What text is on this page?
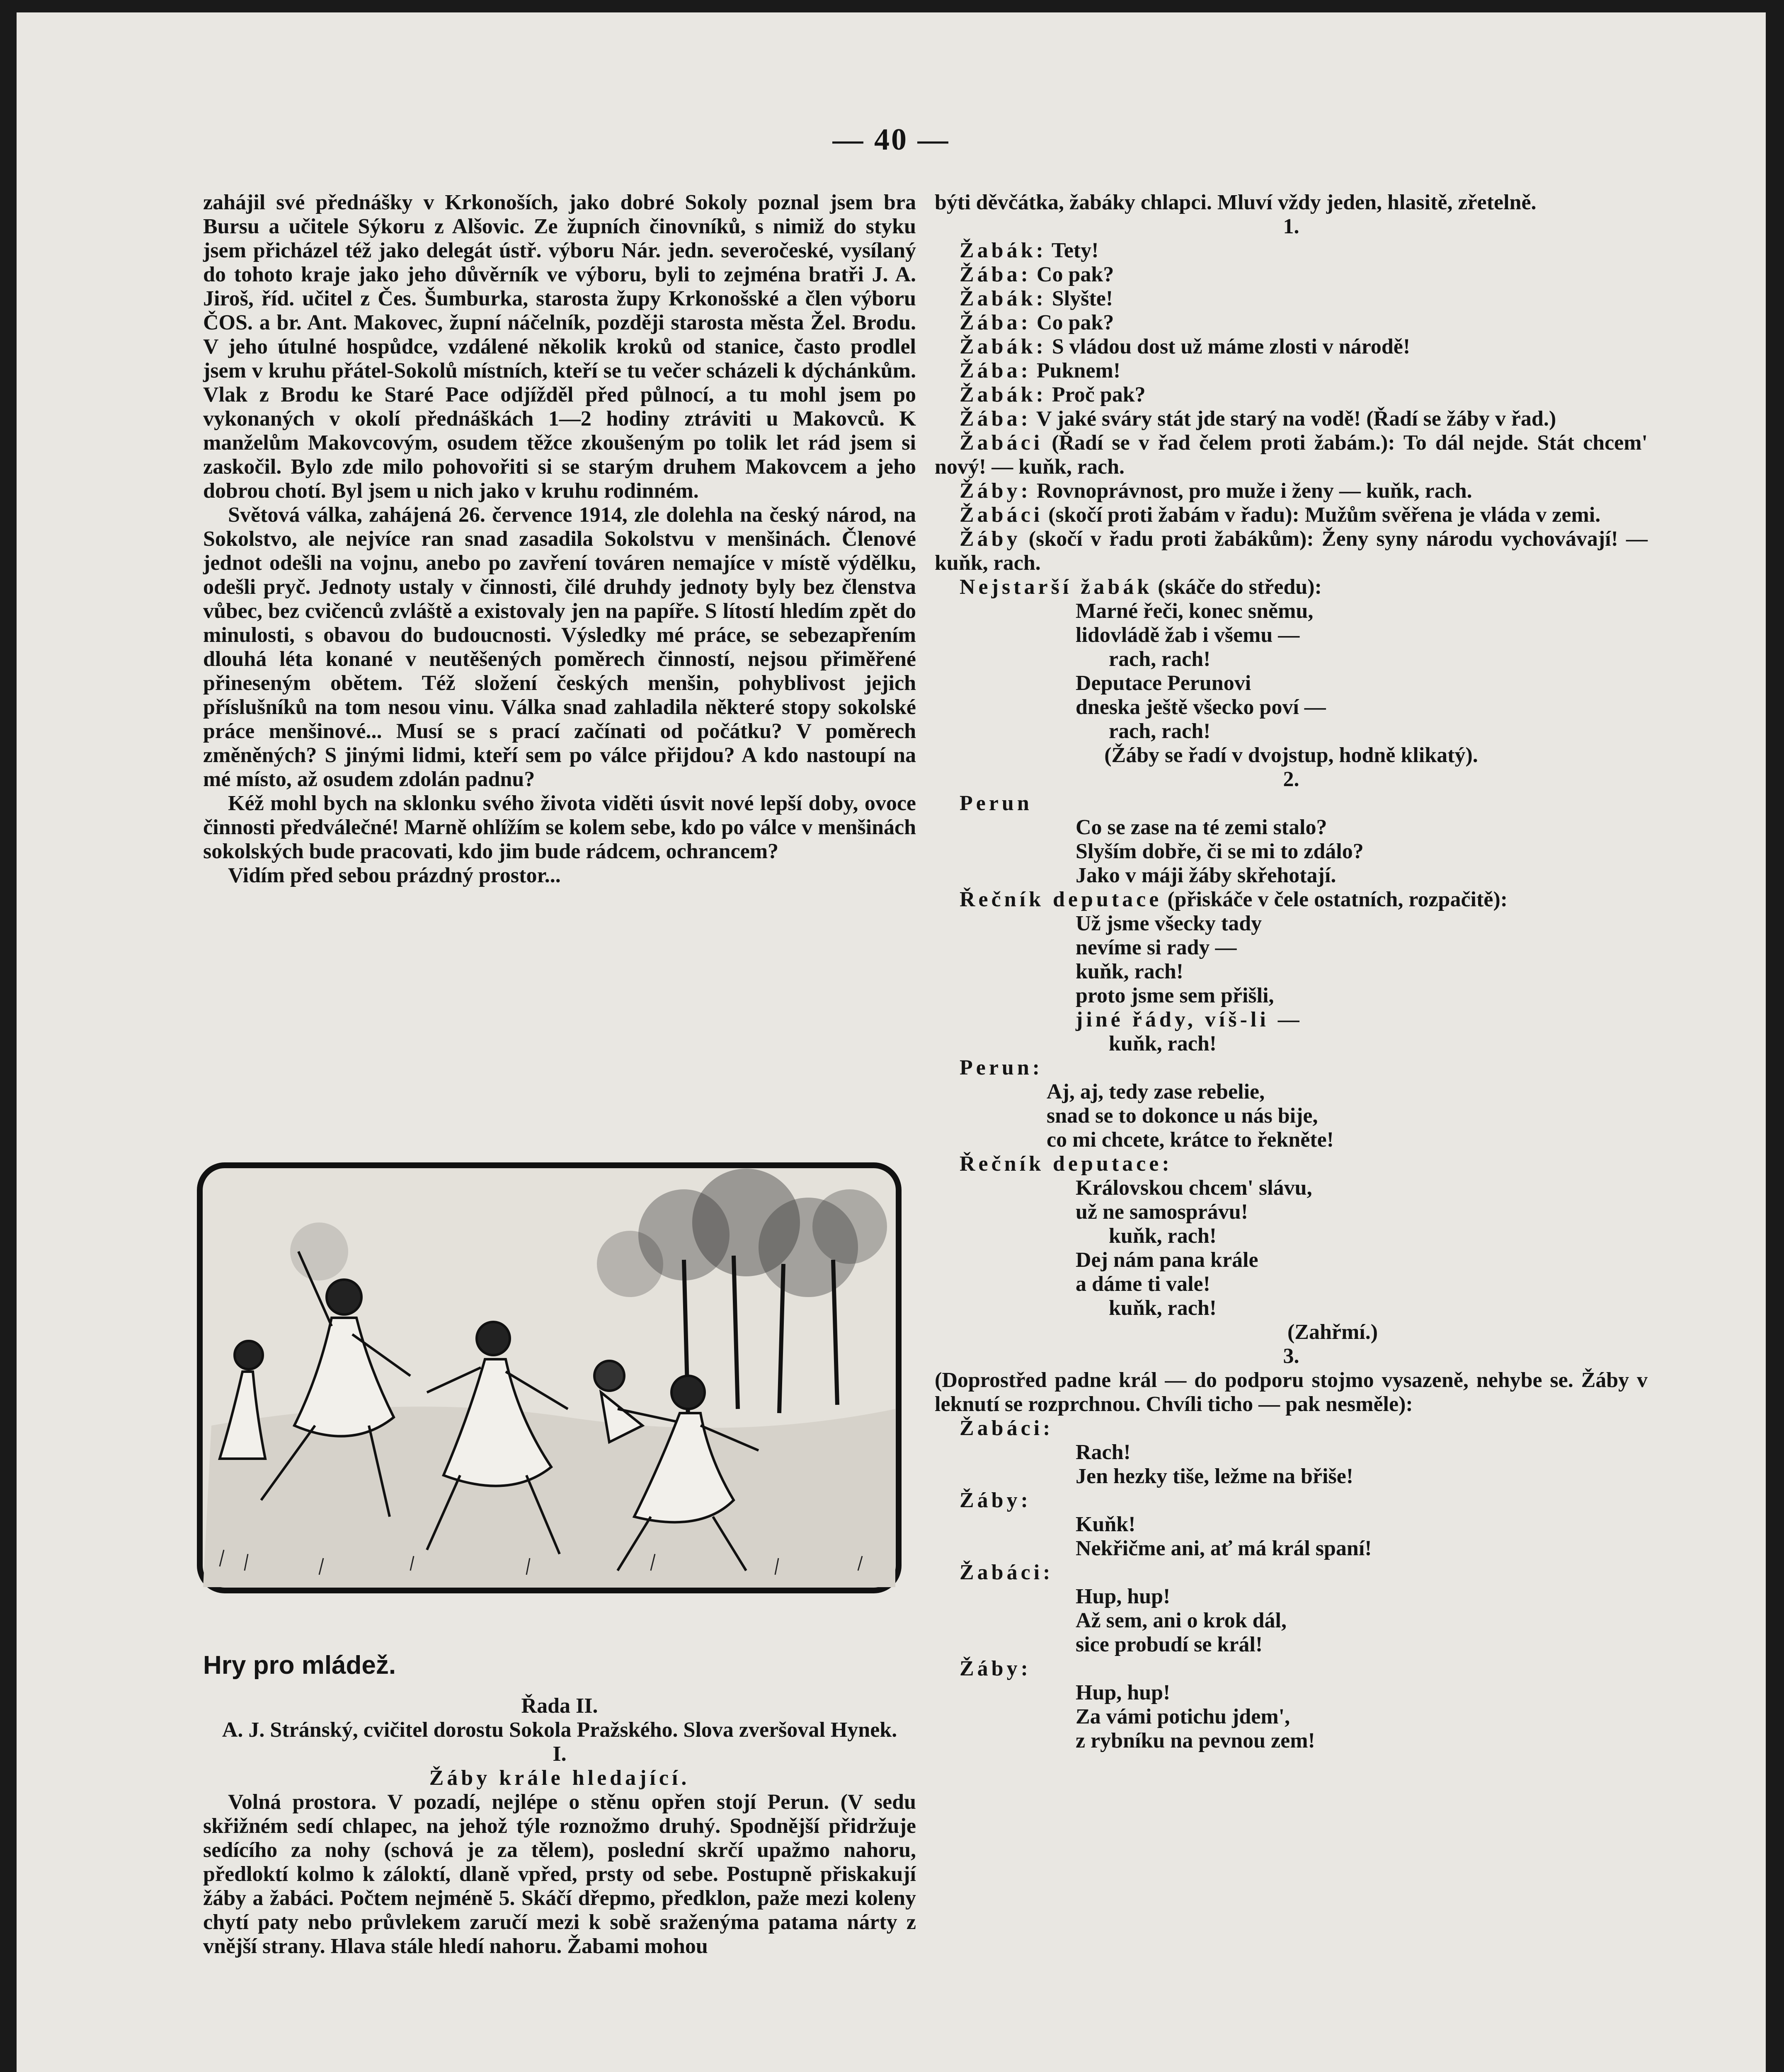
— 40 —

zahájil své přednášky v Krkonoších, jako dobré Sokoly poznal jsem bra Bursu a učitele Sýkoru z Alšovic. Ze župních činovníků, s nimiž do styku jsem přicházel též jako delegát ústř. výboru Nár. jedn. severočeské, vysílaný do tohoto kraje jako jeho důvěrník ve výboru, byli to zejména bratři J. A. Jiroš, říd. učitel z Čes. Šumburka, starosta župy Krkonošské a člen výboru ČOS. a br. Ant. Makovec, župní náčelník, později starosta města Žel. Brodu. V jeho útulné hospůdce, vzdálené několik kroků od stanice, často prodlel jsem v kruhu přátel-Sokolů místních, kteří se tu večer scházeli k dýchánkům. Vlak z Brodu ke Staré Pace odjížděl před půlnocí, a tu mohl jsem po vykonaných v okolí přednáškách 1—2 hodiny ztráviti u Makovců. K manželům Makovcovým, osudem těžce zkoušeným po tolik let rád jsem si zaskočil. Bylo zde milo pohovořiti si se starým druhem Makovcem a jeho dobrou chotí. Byl jsem u nich jako v kruhu rodinném.

Světová válka, zahájená 26. července 1914, zle dolehla na český národ, na Sokolstvo, ale nejvíce ran snad zasadila Sokolstvu v menšinách. Členové jednot odešli na vojnu, anebo po zavření továren nemajíce v místě výdělku, odešli pryč. Jednoty ustaly v činnosti, čilé druhdy jednoty byly bez členstva vůbec, bez cvičenců zvláště a existovaly jen na papíře. S lítostí hledím zpět do minulosti, s obavou do budoucnosti. Výsledky mé práce, se sebezapřením dlouhá léta konané v neutěšených poměrech činností, nejsou přiměřené přineseným obětem. Též složení českých menšin, pohyblivost jejich příslušníků na tom nesou vinu. Válka snad zahladila některé stopy sokolské práce menšinové... Musí se s prací začínati od počátku? V poměrech změněných? S jinými lidmi, kteří sem po válce přijdou? A kdo nastoupí na mé místo, až osudem zdolán padnu?

Kéž mohl bych na sklonku svého života viděti úsvit nové lepší doby, ovoce činnosti předválečné! Marně ohlížím se kolem sebe, kdo po válce v menšinách sokolských bude pracovati, kdo jim bude rádcem, ochrancem?

Vidím před sebou prázdný prostor...

Hry pro mládež.

Řada II.

A. J. Stránský, cvičitel dorostu Sokola Pražského. Slova zveršoval Hynek.

I.

Žáby krále hledající.

Volná prostora. V pozadí, nejlépe o stěnu opřen stojí Perun. (V sedu skřižném sedí chlapec, na jehož týle roznožmo druhý. Spodnější přidržuje sedícího za nohy (schová je za tělem), poslední skrčí upažmo nahoru, předloktí kolmo k záloktí, dlaně vpřed, prsty od sebe. Postupně přiskakují žáby a žabáci. Počtem nejméně 5. Skáčí dřepmo, předklon, paže mezi koleny chytí paty nebo průvlekem zaručí mezi k sobě sraženýma patama nárty z vnější strany. Hlava stále hledí nahoru. Žabami mohou

býti děvčátka, žabáky chlapci. Mluví vždy jeden, hlasitě, zřetelně.

1.

Žabák: Tety!

Žába: Co pak?

Žabák: Slyšte!

Žába: Co pak?

Žabák: S vládou dost už máme zlosti v národě!

Žába: Puknem!

Žabák: Proč pak?

Žába: V jaké sváry stát jde starý na vodě! (Řadí se žáby v řad.)

Žabáci (Řadí se v řad čelem proti žabám.): To dál nejde. Stát chcem' nový! — kuňk, rach.

Žáby: Rovnoprávnost, pro muže i ženy — kuňk, rach.

Žabáci (skočí proti žabám v řadu): Mužům svěřena je vláda v zemi.

Žáby (skočí v řadu proti žabákům): Ženy syny národu vychovávají! — kuňk, rach.

Nejstarší žabák (skáče do středu):

Marné řeči, konec sněmu,
lidovládě žab i všemu —
rach, rach!
Deputace Perunovi
dneska ještě všecko poví —
rach, rach!

(Žáby se řadí v dvojstup, hodně klikatý).

2.

Perun

Co se zase na té zemi stalo?
Slyším dobře, či se mi to zdálo?
Jako v máji žáby skřehotají.

Řečník deputace (přiskáče v čele ostatních, rozpačitě):

Už jsme všecky tady
nevíme si rady —
kuňk, rach!
proto jsme sem přišli,
jiné řády, víš-li —
kuňk, rach!

Perun:

Aj, aj, tedy zase rebelie,
snad se to dokonce u nás bije,
co mi chcete, krátce to řekněte!

Řečník deputace:

Královskou chcem' slávu,
už ne samosprávu!
kuňk, rach!
Dej nám pana krále
a dáme ti vale!
kuňk, rach!

(Zahřmí.)

3.

(Doprostřed padne král — do podporu stojmo vysazeně, nehybe se. Žáby v leknutí se rozprchnou. Chvíli ticho — pak nesměle):

Žabáci:

Rach!
Jen hezky tiše, ležme na břiše!

Žáby:

Kuňk!
Nekřičme ani, ať má král spaní!

Žabáci:

Hup, hup!
Až sem, ani o krok dál,
sice probudí se král!

Žáby:

Hup, hup!
Za vámi potichu jdem',
z rybníku na pevnou zem!
